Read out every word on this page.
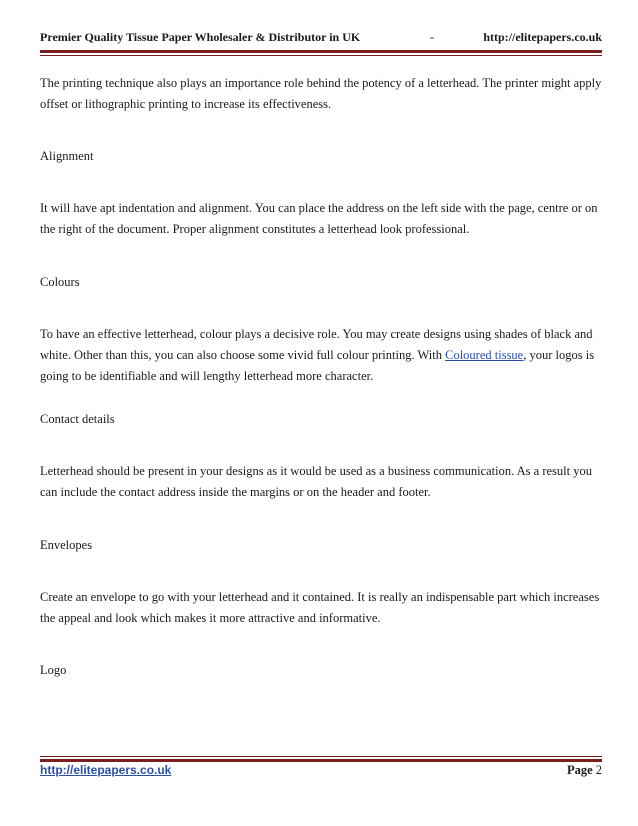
Premier Quality Tissue Paper Wholesaler & Distributor in UK	-	http://elitepapers.co.uk

The printing technique also plays an importance role behind the potency of a letterhead. The printer might apply offset or lithographic printing to increase its effectiveness.

Alignment

It will have apt indentation and alignment. You can place the address on the left side with the page, centre or on the right of the document. Proper alignment constitutes a letterhead look professional.

Colours

To have an effective letterhead, colour plays a decisive role. You may create designs using shades of black and white. Other than this, you can also choose some vivid full colour printing. With Coloured tissue, your logos is going to be identifiable and will lengthy letterhead more character.

Contact details

Letterhead should be present in your designs as it would be used as a business communication. As a result you can include the contact address inside the margins or on the header and footer.

Envelopes

Create an envelope to go with your letterhead and it contained. It is really an indispensable part which increases the appeal and look which makes it more attractive and informative.

Logo

http://elitepapers.co.uk	Page 2
